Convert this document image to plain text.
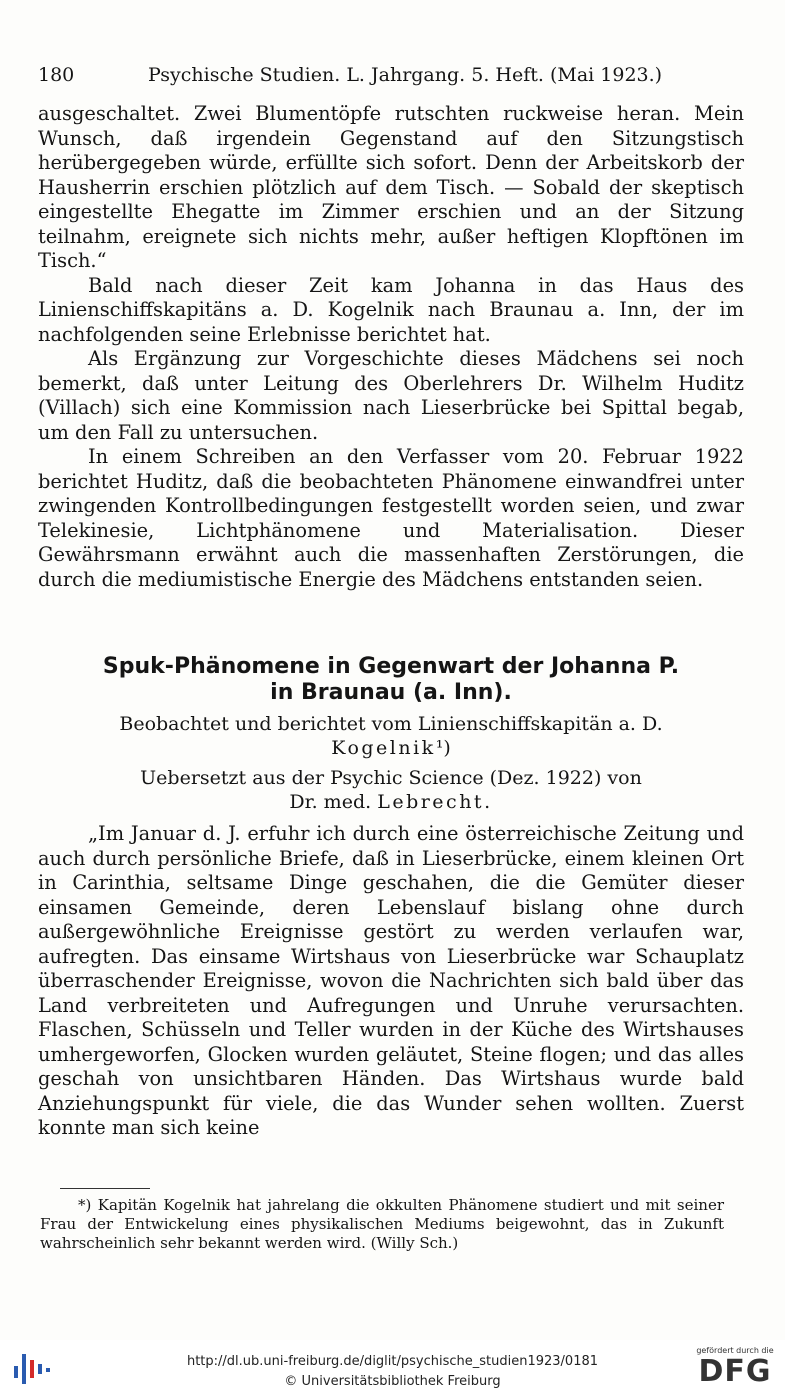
180	Psychische Studien. L. Jahrgang. 5. Heft. (Mai 1923.)

ausgeschaltet. Zwei Blumentöpfe rutschten ruckweise heran. Mein Wunsch, daß irgendein Gegenstand auf den Sitzungstisch herübergegeben würde, erfüllte sich sofort. Denn der Arbeitskorb der Hausherrin erschien plötzlich auf dem Tisch. — Sobald der skeptisch eingestellte Ehegatte im Zimmer erschien und an der Sitzung teilnahm, ereignete sich nichts mehr, außer heftigen Klopftönen im Tisch.“

Bald nach dieser Zeit kam Johanna in das Haus des Linienschiffskapitäns a. D. Kogelnik nach Braunau a. Inn, der im nachfolgenden seine Erlebnisse berichtet hat.

Als Ergänzung zur Vorgeschichte dieses Mädchens sei noch bemerkt, daß unter Leitung des Oberlehrers Dr. Wilhelm Huditz (Villach) sich eine Kommission nach Lieserbrücke bei Spittal begab, um den Fall zu untersuchen.

In einem Schreiben an den Verfasser vom 20. Februar 1922 berichtet Huditz, daß die beobachteten Phänomene einwandfrei unter zwingenden Kontrollbedingungen festgestellt worden seien, und zwar Telekinesie, Lichtphänomene und Materialisation. Dieser Gewährsmann erwähnt auch die massenhaften Zerstörungen, die durch die mediumistische Energie des Mädchens entstanden seien.

Spuk-Phänomene in Gegenwart der Johanna P.

in Braunau (a. Inn).

Beobachtet und berichtet vom Linienschiffskapitän a. D.
Kogelnik¹)

Uebersetzt aus der Psychic Science (Dez. 1922) von
Dr. med. Lebrecht.

„Im Januar d. J. erfuhr ich durch eine österreichische Zeitung und auch durch persönliche Briefe, daß in Lieserbrücke, einem kleinen Ort in Carinthia, seltsame Dinge geschahen, die die Gemüter dieser einsamen Gemeinde, deren Lebenslauf bislang ohne durch außergewöhnliche Ereignisse gestört zu werden verlaufen war, aufregten. Das einsame Wirtshaus von Lieserbrücke war Schauplatz überraschender Ereignisse, wovon die Nachrichten sich bald über das Land verbreiteten und Aufregungen und Unruhe verursachten. Flaschen, Schüsseln und Teller wurden in der Küche des Wirtshauses umhergeworfen, Glocken wurden geläutet, Steine flogen; und das alles geschah von unsichtbaren Händen. Das Wirtshaus wurde bald Anziehungspunkt für viele, die das Wunder sehen wollten. Zuerst konnte man sich keine

*) Kapitän Kogelnik hat jahrelang die okkulten Phänomene studiert und mit seiner Frau der Entwickelung eines physikalischen Mediums beigewohnt, das in Zukunft wahrscheinlich sehr bekannt werden wird. (Willy Sch.)
http://dl.ub.uni-freiburg.de/diglit/psychische_studien1923/0181
© Universitätsbibliothek Freiburg
gefördert durch die
DFG
